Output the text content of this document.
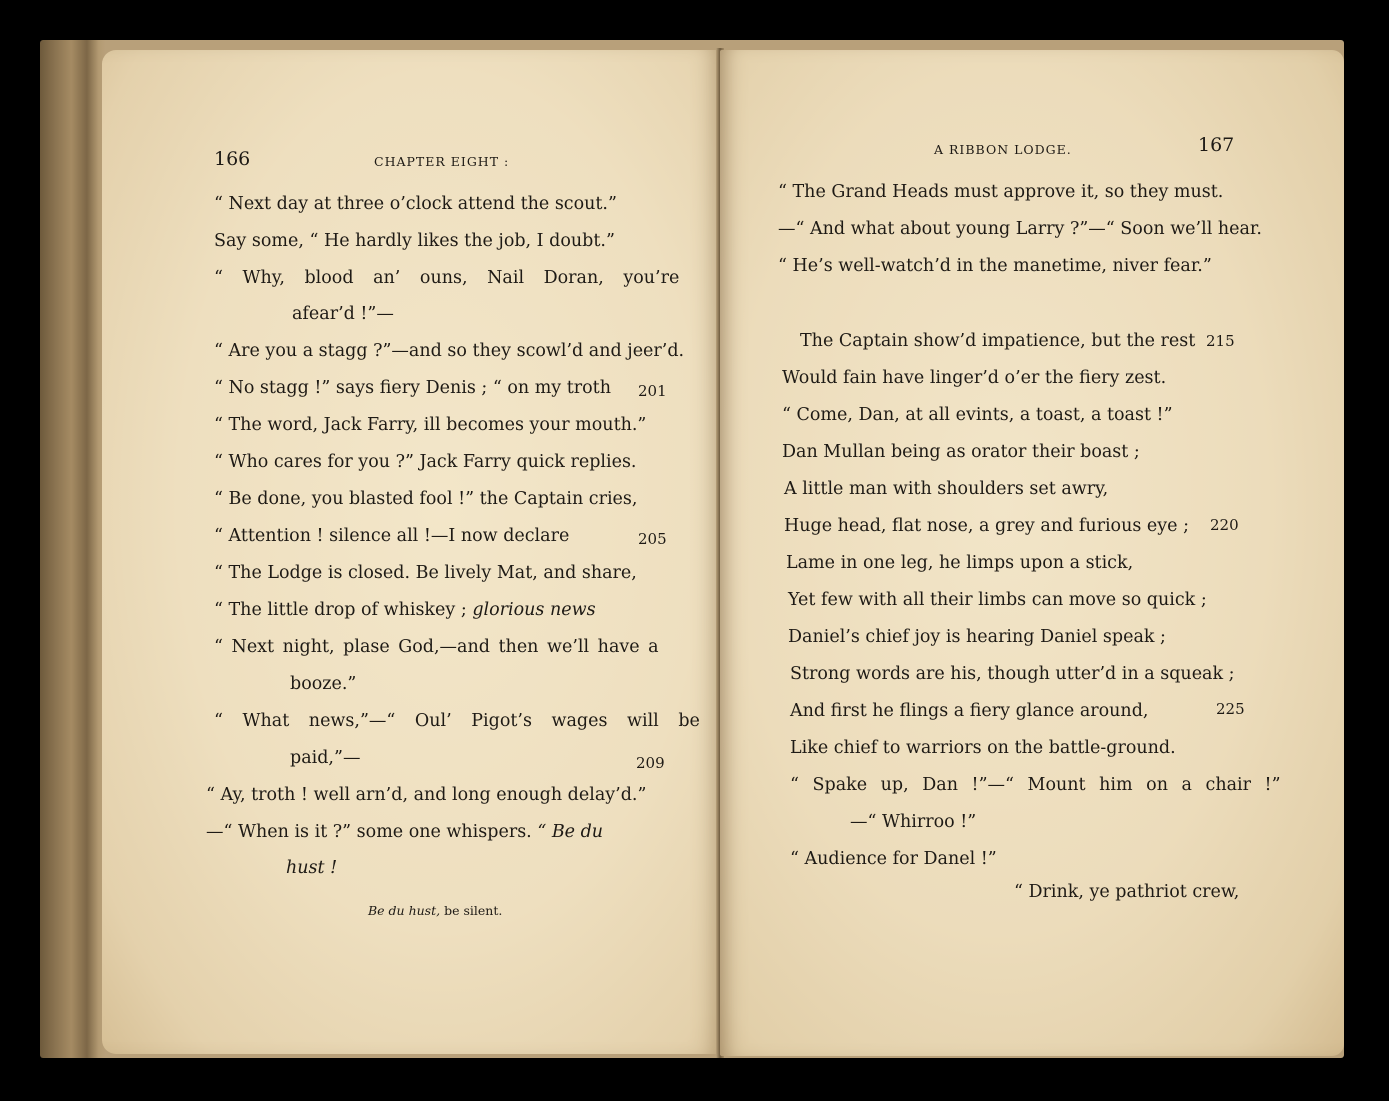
166	CHAPTER EIGHT :
“ Next day at three o’clock attend the scout.”
Say some, “ He hardly likes the job, I doubt.”
“ Why, blood an’ ouns, Nail Doran, you’re
afear’d !”—
“ Are you a stagg ?”—and so they scowl’d and jeer’d.
“ No stagg !” says fiery Denis ; “ on my troth
“ The word, Jack Farry, ill becomes your mouth.”
“ Who cares for you ?” Jack Farry quick replies.
“ Be done, you blasted fool !” the Captain cries,
“ Attention ! silence all !—I now declare
“ The Lodge is closed. Be lively Mat, and share,
“ The little drop of whiskey ; glorious news
“ Next night, plase God,—and then we’ll have a
booze.”
“ What news,”—“ Oul’ Pigot’s wages will be
paid,”—
“ Ay, troth ! well arn’d, and long enough delay’d.”
—“ When is it ?” some one whispers. “ Be du
hust !
201
205
209
Be du hust, be silent.
A RIBBON LODGE.	167
“ The Grand Heads must approve it, so they must.
—“ And what about young Larry ?”—“ Soon we’ll hear.
“ He’s well-watch’d in the manetime, niver fear.”
The Captain show’d impatience, but the rest
Would fain have linger’d o’er the fiery zest.
“ Come, Dan, at all evints, a toast, a toast !”
Dan Mullan being as orator their boast ;
A little man with shoulders set awry,
Huge head, flat nose, a grey and furious eye ;
Lame in one leg, he limps upon a stick,
Yet few with all their limbs can move so quick ;
Daniel’s chief joy is hearing Daniel speak ;
Strong words are his, though utter’d in a squeak ;
And first he flings a fiery glance around,
Like chief to warriors on the battle-ground.
“ Spake up, Dan !”—“ Mount him on a chair !”
—“ Whirroo !”
“ Audience for Danel !”
“ Drink, ye pathriot crew,
215
220
225
